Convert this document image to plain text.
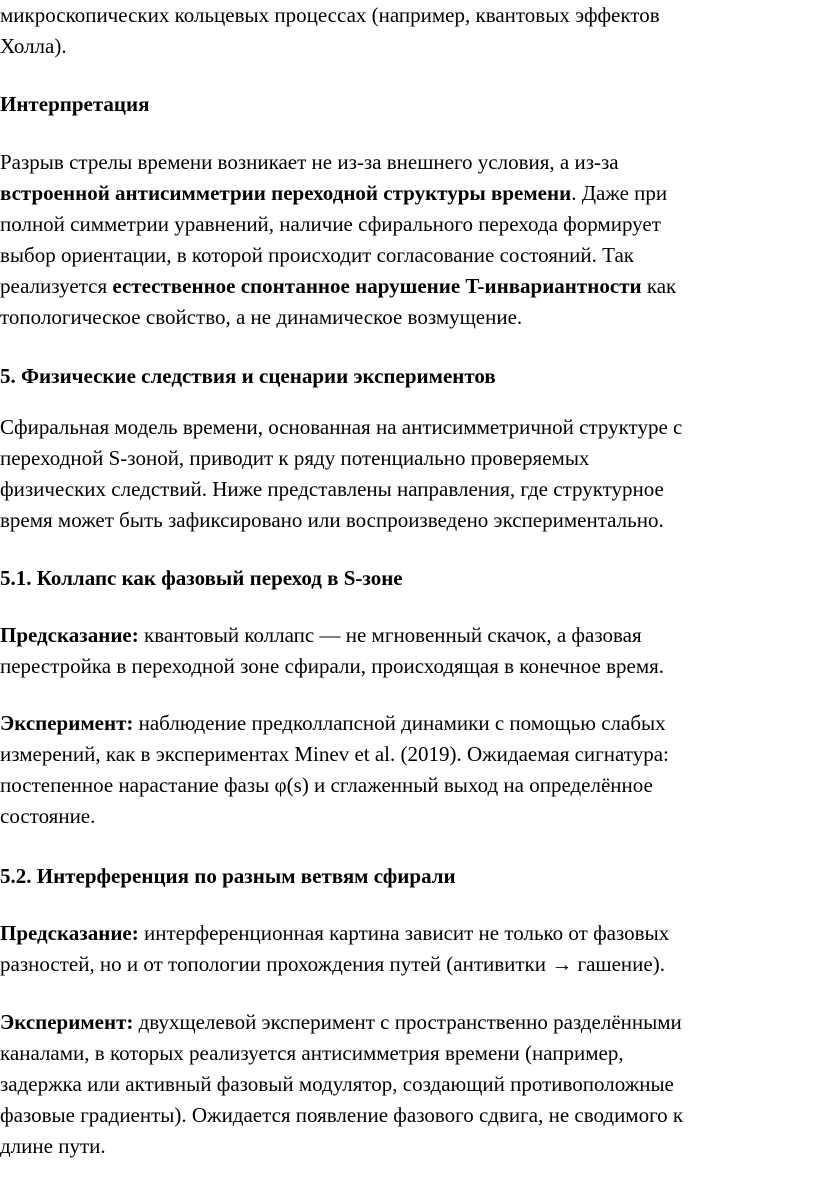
микроскопических кольцевых процессах (например, квантовых эффектов
Холла).

Интерпретация

Разрыв стрелы времени возникает не из-за внешнего условия, а из-за
встроенной антисимметрии переходной структуры времени. Даже при
полной симметрии уравнений, наличие сфирального перехода формирует
выбор ориентации, в которой происходит согласование состояний. Так
реализуется естественное спонтанное нарушение T-инвариантности как
топологическое свойство, а не динамическое возмущение.

5. Физические следствия и сценарии экспериментов

Сфиральная модель времени, основанная на антисимметричной структуре с
переходной S-зоной, приводит к ряду потенциально проверяемых
физических следствий. Ниже представлены направления, где структурное
время может быть зафиксировано или воспроизведено экспериментально.

5.1. Коллапс как фазовый переход в S-зоне

Предсказание: квантовый коллапс — не мгновенный скачок, а фазовая
перестройка в переходной зоне сфирали, происходящая в конечное время.

Эксперимент: наблюдение предколлапсной динамики с помощью слабых
измерений, как в экспериментах Minev et al. (2019). Ожидаемая сигнатура:
постепенное нарастание фазы φ(s) и сглаженный выход на определённое
состояние.

5.2. Интерференция по разным ветвям сфирали

Предсказание: интерференционная картина зависит не только от фазовых
разностей, но и от топологии прохождения путей (антивитки → гашение).

Эксперимент: двухщелевой эксперимент с пространственно разделёнными
каналами, в которых реализуется антисимметрия времени (например,
задержка или активный фазовый модулятор, создающий противоположные
фазовые градиенты). Ожидается появление фазового сдвига, не сводимого к
длине пути.
